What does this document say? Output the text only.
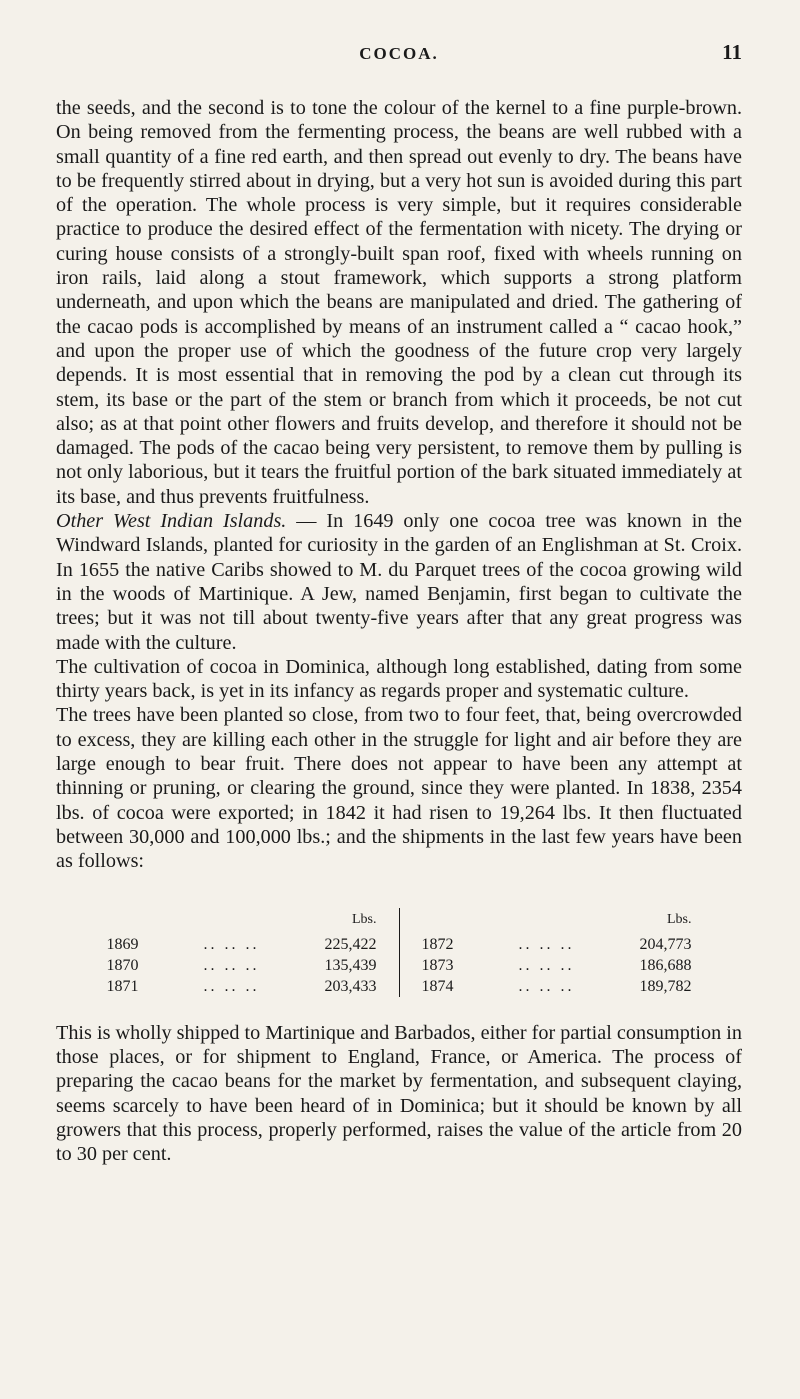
COCOA.	11

the seeds, and the second is to tone the colour of the kernel to a fine purple-brown. On being removed from the fermenting process, the beans are well rubbed with a small quantity of a fine red earth, and then spread out evenly to dry. The beans have to be frequently stirred about in drying, but a very hot sun is avoided during this part of the operation. The whole process is very simple, but it requires considerable practice to produce the desired effect of the fermentation with nicety. The drying or curing house consists of a strongly-built span roof, fixed with wheels running on iron rails, laid along a stout framework, which supports a strong platform underneath, and upon which the beans are manipulated and dried. The gathering of the cacao pods is accomplished by means of an instrument called a “ cacao hook,” and upon the proper use of which the goodness of the future crop very largely depends. It is most essential that in removing the pod by a clean cut through its stem, its base or the part of the stem or branch from which it proceeds, be not cut also; as at that point other flowers and fruits develop, and therefore it should not be damaged. The pods of the cacao being very persistent, to remove them by pulling is not only laborious, but it tears the fruitful portion of the bark situated immediately at its base, and thus prevents fruitfulness.

Other West Indian Islands. — In 1649 only one cocoa tree was known in the Windward Islands, planted for curiosity in the garden of an Englishman at St. Croix. In 1655 the native Caribs showed to M. du Parquet trees of the cocoa growing wild in the woods of Martinique. A Jew, named Benjamin, first began to cultivate the trees; but it was not till about twenty-five years after that any great progress was made with the culture.

The cultivation of cocoa in Dominica, although long established, dating from some thirty years back, is yet in its infancy as regards proper and systematic culture.

The trees have been planted so close, from two to four feet, that, being overcrowded to excess, they are killing each other in the struggle for light and air before they are large enough to bear fruit. There does not appear to have been any attempt at thinning or pruning, or clearing the ground, since they were planted. In 1838, 2354 lbs. of cocoa were exported; in 1842 it had risen to 19,264 lbs. It then fluctuated between 30,000 and 100,000 lbs.; and the shipments in the last few years have been as follows:

Lbs.
1869	.. .. ..	225,422
1870	.. .. ..	135,439
1871	.. .. ..	203,433
Lbs.
1872	.. .. ..	204,773
1873	.. .. ..	186,688
1874	.. .. ..	189,782

This is wholly shipped to Martinique and Barbados, either for partial consumption in those places, or for shipment to England, France, or America. The process of preparing the cacao beans for the market by fermentation, and subsequent claying, seems scarcely to have been heard of in Dominica; but it should be known by all growers that this process, properly performed, raises the value of the article from 20 to 30 per cent.
